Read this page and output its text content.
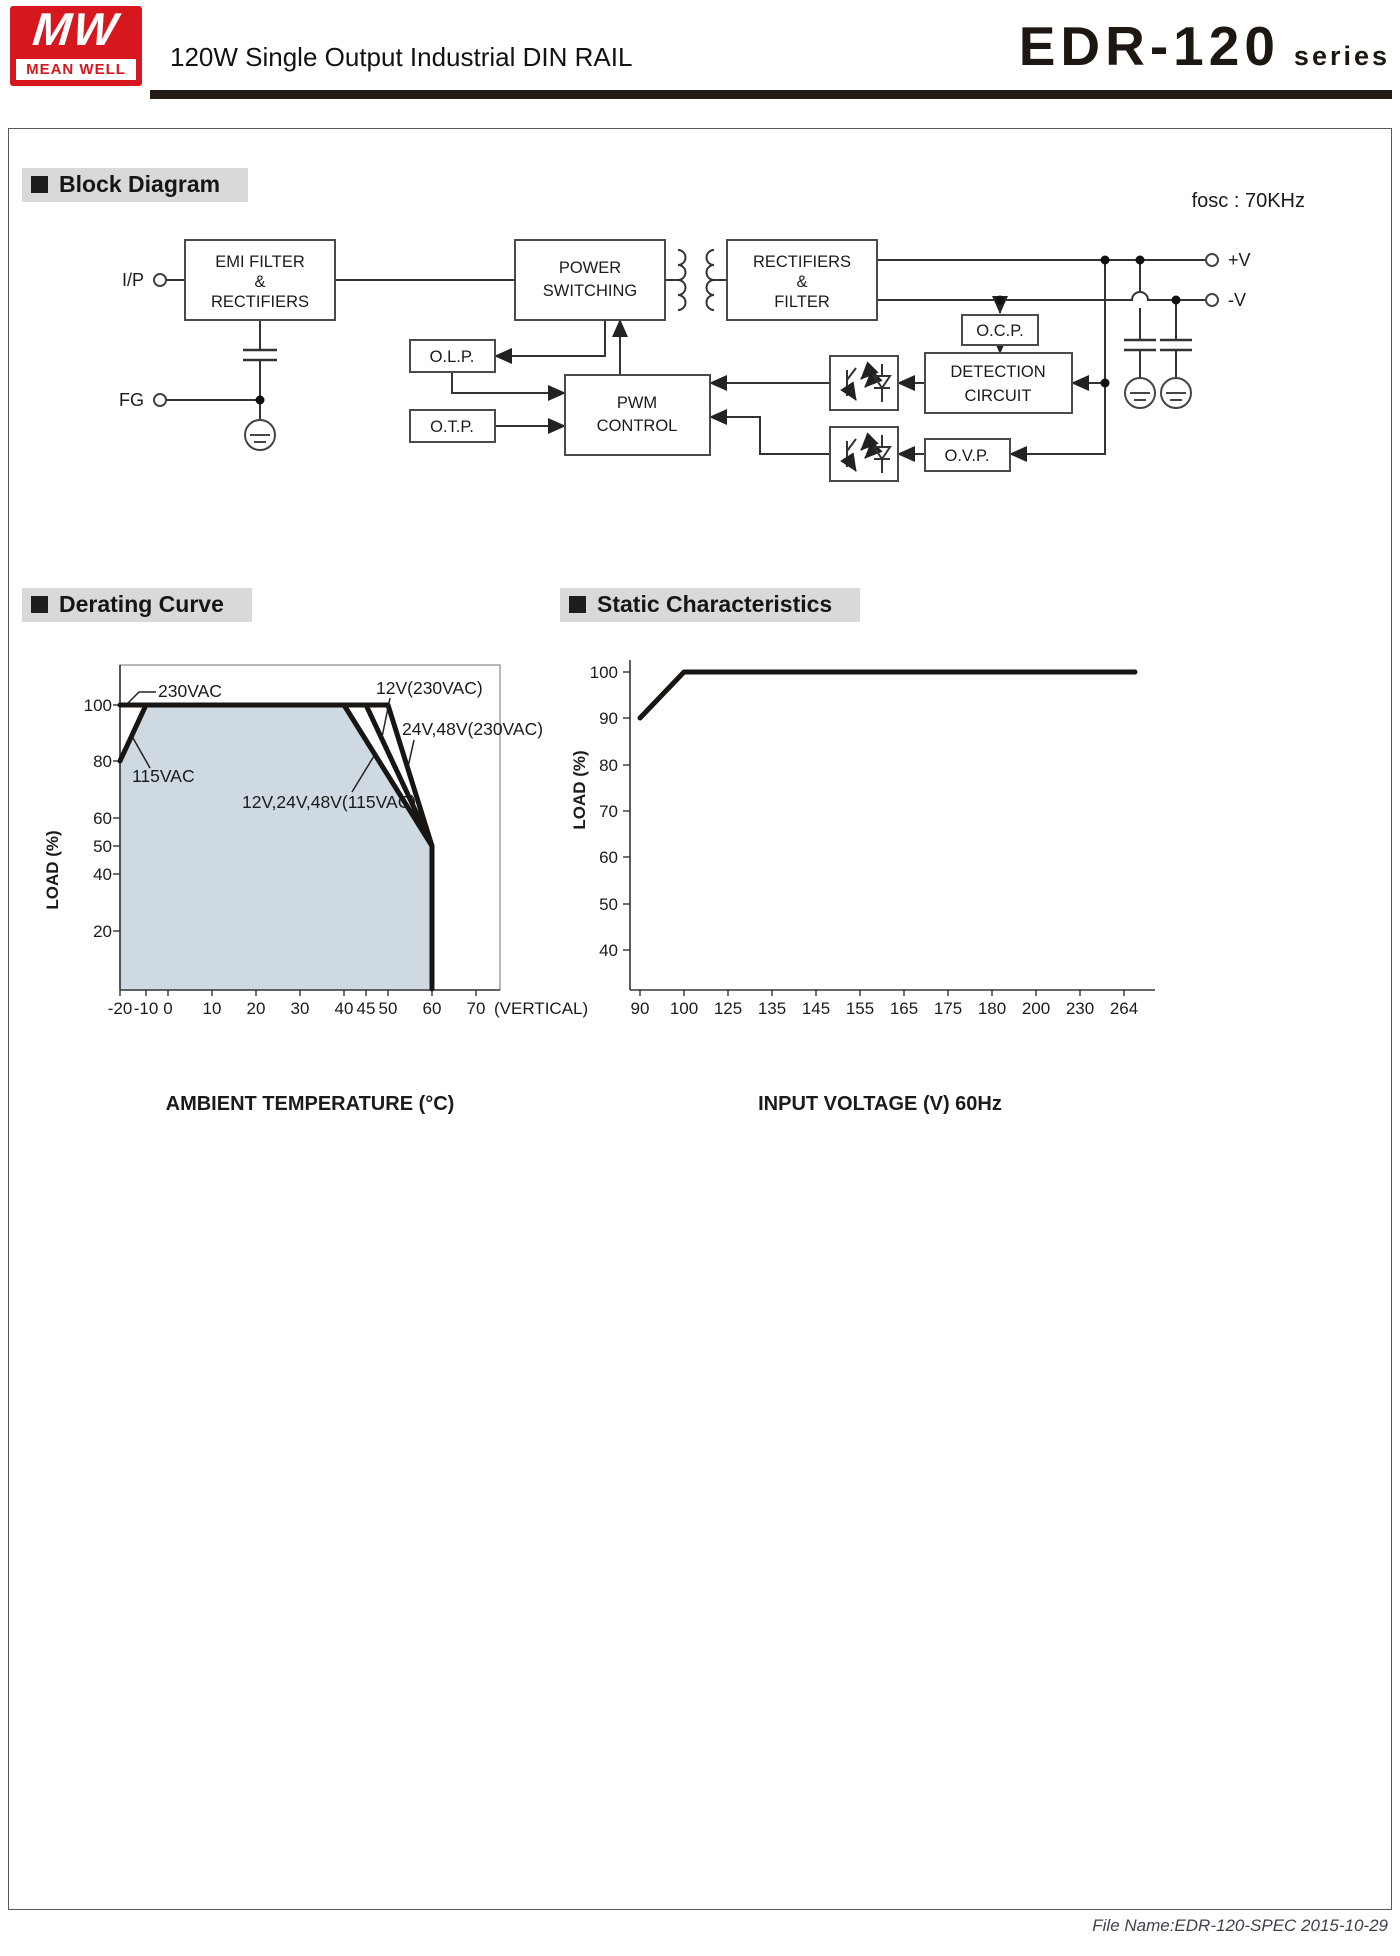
MW
MEAN WELL 120W Single Output Industrial DIN RAIL	EDR-120 series
Block Diagram
fosc : 70KHz
I/P
FG
+V
-V
EMI FILTER
&
RECTIFIERS
POWER
SWITCHING
RECTIFIERS
&
FILTER
O.L.P.
O.T.P.
PWM
CONTROL
O.C.P.
DETECTION
CIRCUIT
O.V.P.
Derating Curve
230VAC
115VAC
12V(230VAC)
24V,48V(230VAC)
12V,24V,48V(115VAC)
100
80
60
50
40
20
-20 -10 0 10 20 30 40 45 50 60 70 (VERTICAL)
AMBIENT TEMPERATURE (°C)
LOAD (%)
Static Characteristics
100
90
80
70
60
50
40
90 100 125 135 145 155 165 175 180 200 230 264
INPUT VOLTAGE (V) 60Hz
LOAD (%)
File Name:EDR-120-SPEC 2015-10-29
